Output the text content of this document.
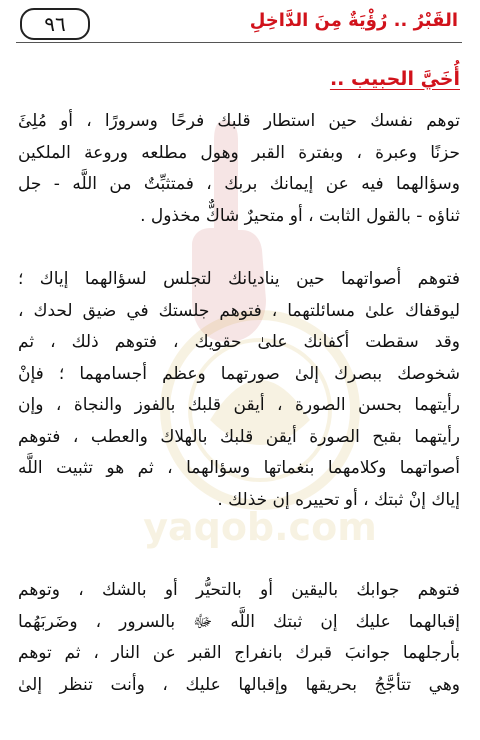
yaqob.com
٩٦	القَبْرُ .. رُؤْيَةٌ مِنَ الدَّاخِلِ
أُخَيَّ الحبيب ..

توهم نفسك حين استطار قلبك فرحًا وسرورًا ، أو مُلِئَ
حزنًا وعبرة ، وبفترة القبر وهول مطلعه وروعة الملكين
وسؤالهما فيه عن إيمانك بربك ، فمتثبِّتٌ من اللَّه - جل
ثناؤه - بالقول الثابت ، أو متحيرٌ شاكٌّ مخذول .

فتوهم أصواتهما حين يناديانك لتجلس لسؤالهما إياك ؛
ليوقفاك علىٰ مسائلتهما ، فتوهم جلستك في ضيق لحدك ،
وقد سقطت أكفانك علىٰ حقويك ، فتوهم ذلك ، ثم
شخوصك ببصرك إلىٰ صورتهما وعظم أجسامهما ؛ فإنْ
رأيتهما بحسن الصورة ، أيقن قلبك بالفوز والنجاة ، وإن
رأيتهما بقبح الصورة أيقن قلبك بالهلاك والعطب ، فتوهم
أصواتهما وكلامهما بنغماتها وسؤالهما ، ثم هو تثبيت اللَّه
إياك إنْ ثبتك ، أو تحييره إن خذلك .

فتوهم جوابك باليقين أو بالتحيُّر أو بالشك ، وتوهم
إقبالهما عليك إن ثبتك اللَّه ﷻ بالسرور ، وضَربَهُما
بأرجلهما جوانبَ قبرك بانفراج القبر عن النار ، ثم توهم
وهي تتأجَّجُ بحريقها وإقبالها عليك ، وأنت تنظر إلىٰ
